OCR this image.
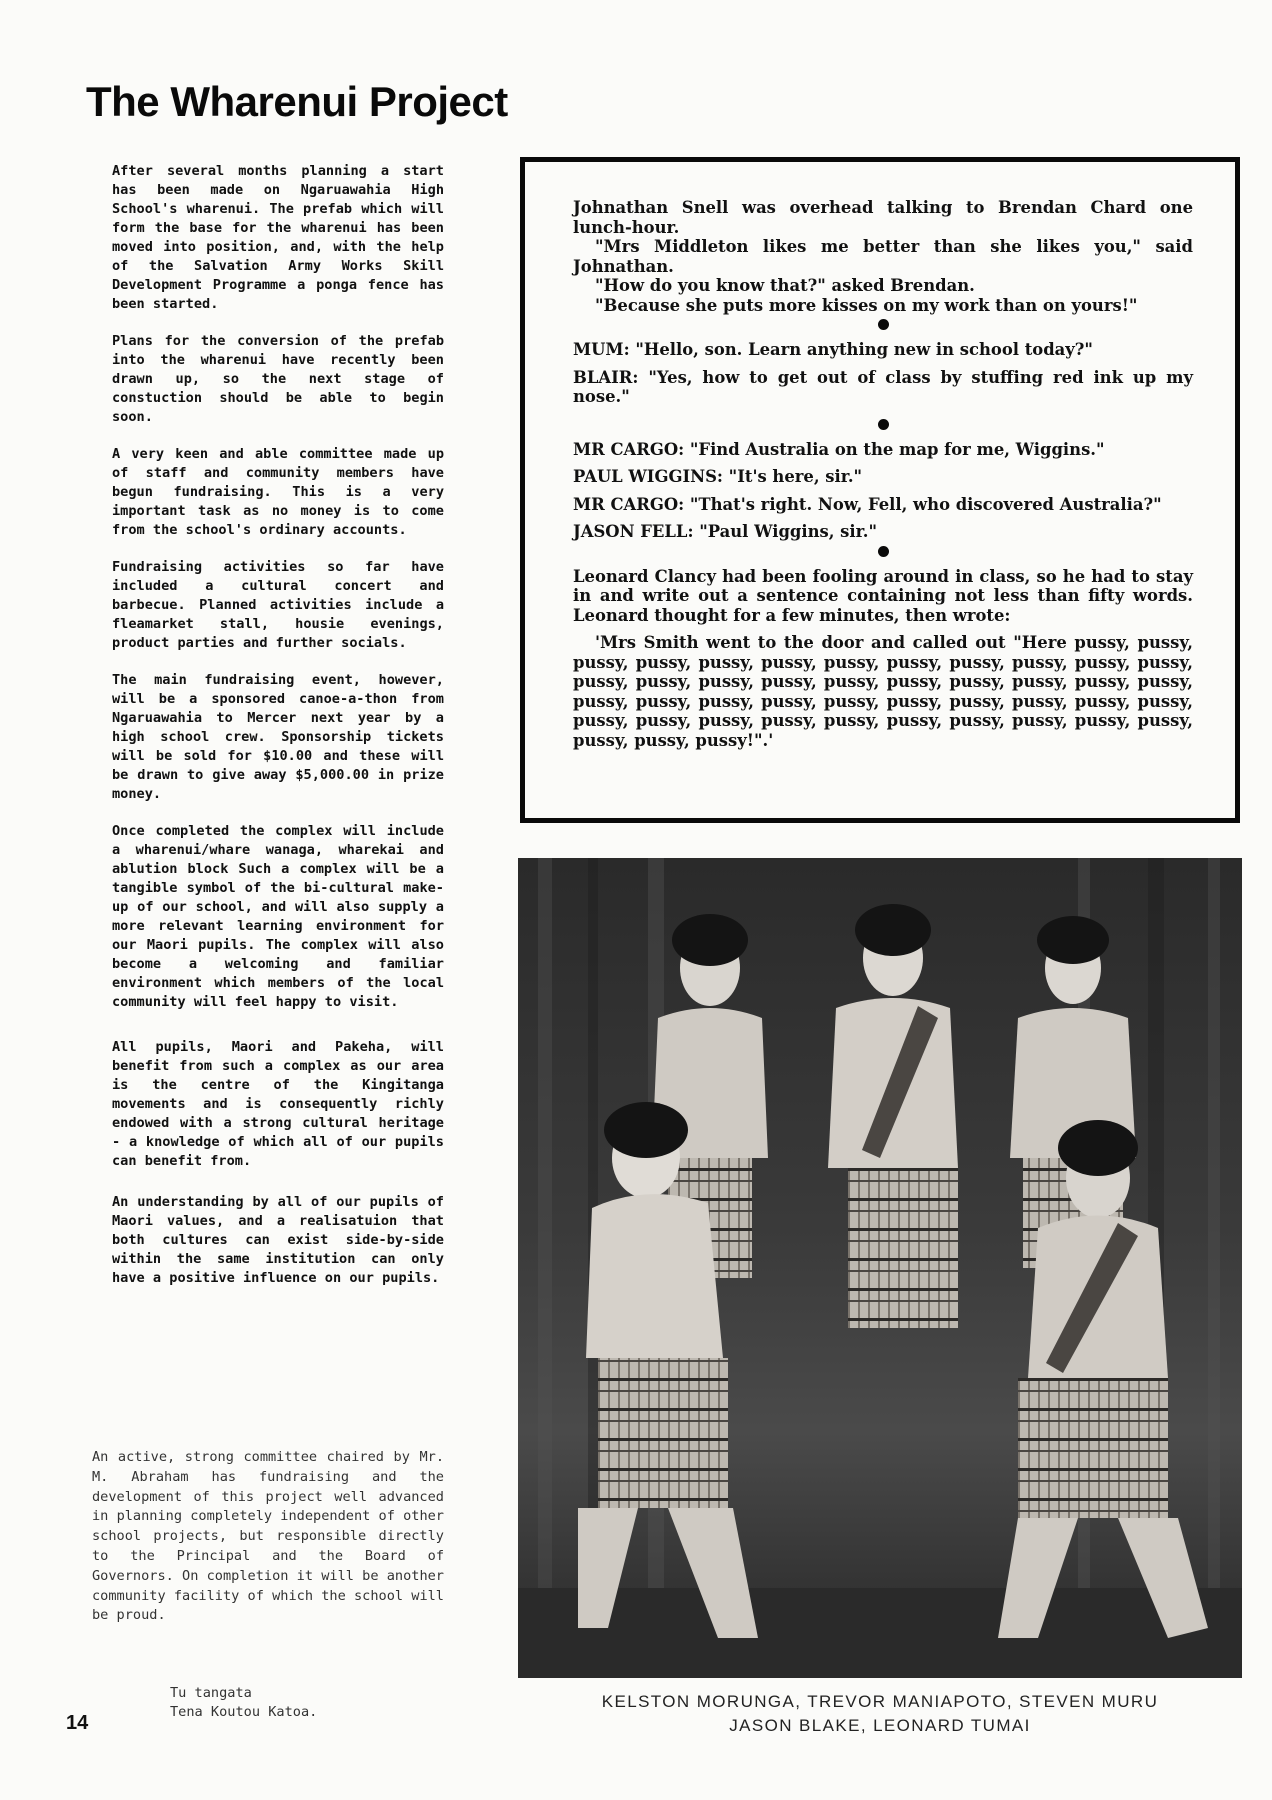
The Wharenui Project

After several months planning a start has been made on Ngaruawahia High School's wharenui. The prefab which will form the base for the wharenui has been moved into position, and, with the help of the Salvation Army Works Skill Development Programme a ponga fence has been started.

Plans for the conversion of the prefab into the wharenui have recently been drawn up, so the next stage of constuction should be able to begin soon.

A very keen and able committee made up of staff and community members have begun fundraising. This is a very important task as no money is to come from the school's ordinary accounts.

Fundraising activities so far have included a cultural concert and barbecue. Planned activities include a fleamarket stall, housie evenings, product parties and further socials.

The main fundraising event, however, will be a sponsored canoe-a-thon from Ngaruawahia to Mercer next year by a high school crew. Sponsorship tickets will be sold for $10.00 and these will be drawn to give away $5,000.00 in prize money.

Once completed the complex will include a wharenui/whare wanaga, wharekai and ablution block Such a complex will be a tangible symbol of the bi-cultural make-up of our school, and will also supply a more relevant learning environment for our Maori pupils. The complex will also become a welcoming and familiar environment which members of the local community will feel happy to visit.

All pupils, Maori and Pakeha, will benefit from such a complex as our area is the centre of the Kingitanga movements and is consequently richly endowed with a strong cultural heritage - a knowledge of which all of our pupils can benefit from.

An understanding by all of our pupils of Maori values, and a realisatuion that both cultures can exist side-by-side within the same institution can only have a positive influence on our pupils.

An active, strong committee chaired by Mr. M. Abraham has fundraising and the development of this project well advanced in planning completely independent of other school projects, but responsible directly to the Principal and the Board of Governors. On completion it will be another community facility of which the school will be proud.

Tu tangata
Tena Koutou Katoa.
14

Johnathan Snell was overhead talking to Brendan Chard one lunch-hour.

"Mrs Middleton likes me better than she likes you," said Johnathan.

"How do you know that?" asked Brendan.

"Because she puts more kisses on my work than on yours!"

MUM: "Hello, son. Learn anything new in school today?"

BLAIR: "Yes, how to get out of class by stuffing red ink up my nose."

MR CARGO: "Find Australia on the map for me, Wiggins."

PAUL WIGGINS: "It's here, sir."

MR CARGO: "That's right. Now, Fell, who discovered Australia?"

JASON FELL: "Paul Wiggins, sir."

Leonard Clancy had been fooling around in class, so he had to stay in and write out a sentence containing not less than fifty words. Leonard thought for a few minutes, then wrote:

'Mrs Smith went to the door and called out "Here pussy, pussy, pussy, pussy, pussy, pussy, pussy, pussy, pussy, pussy, pussy, pussy, pussy, pussy, pussy, pussy, pussy, pussy, pussy, pussy, pussy, pussy, pussy, pussy, pussy, pussy, pussy, pussy, pussy, pussy, pussy, pussy, pussy, pussy, pussy, pussy, pussy, pussy, pussy, pussy, pussy, pussy, pussy, pussy, pussy!".'

KELSTON MORUNGA, TREVOR MANIAPOTO, STEVEN MURU
JASON BLAKE, LEONARD TUMAI
